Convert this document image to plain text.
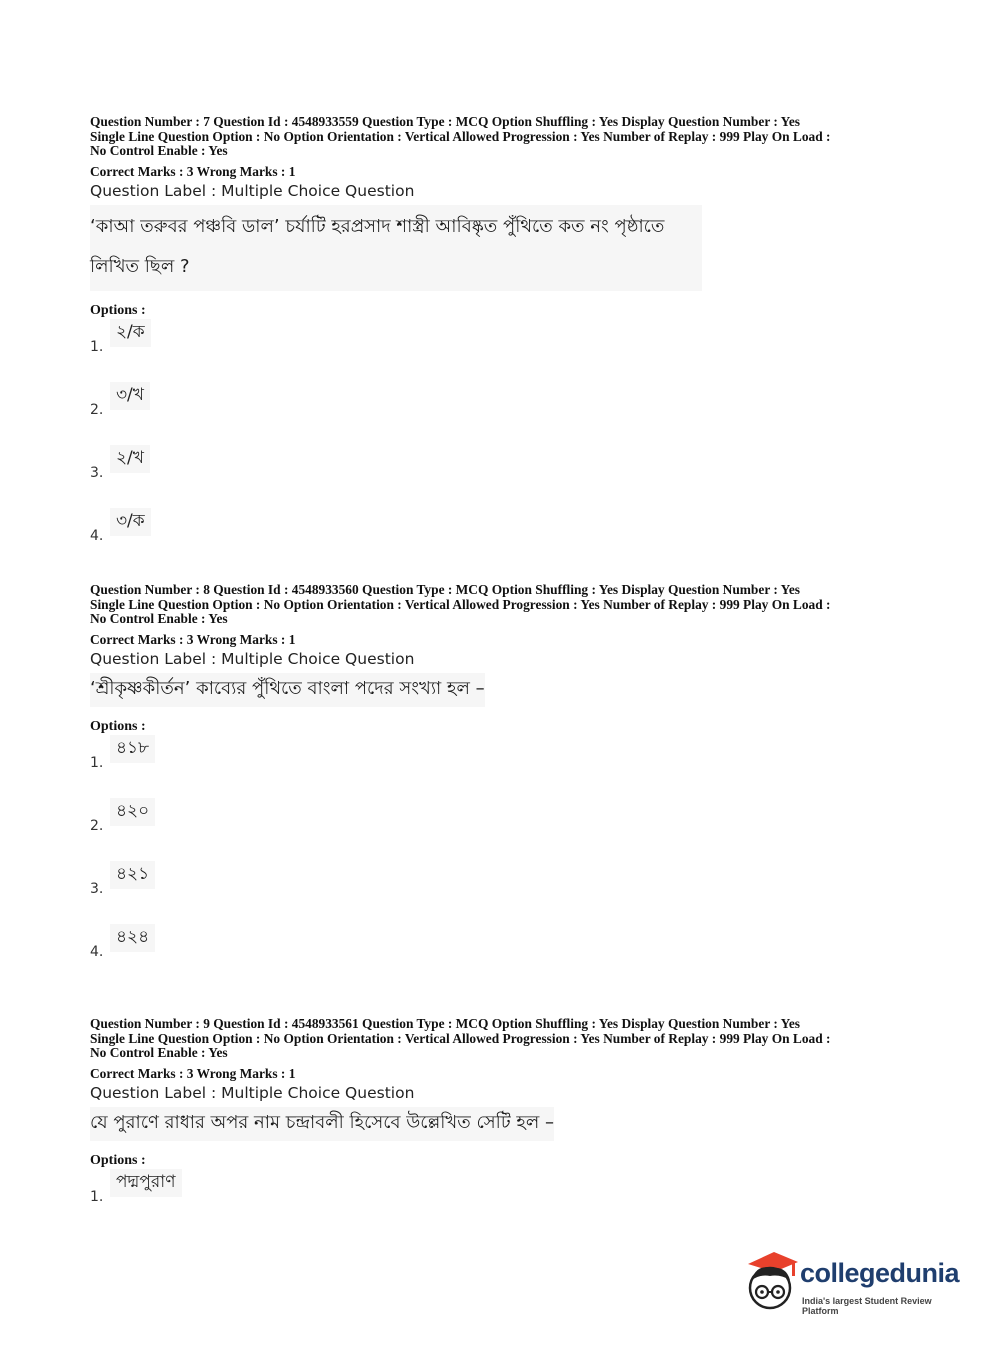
Question Number : 7 Question Id : 4548933559 Question Type : MCQ Option Shuffling : Yes Display Question Number : Yes
Single Line Question Option : No Option Orientation : Vertical Allowed Progression : Yes Number of Replay : 999 Play On Load :
No Control Enable : Yes
Correct Marks : 3 Wrong Marks : 1
Question Label : Multiple Choice Question
‘কাআ তরুবর পঞ্চবি ডাল’ চর্যাটি হরপ্রসাদ শাস্ত্রী আবিষ্কৃত পুঁথিতে কত নং পৃষ্ঠাতে লিখিত ছিল ?
Options :
1.
২/ক
2.
৩/খ
3.
২/খ
4.
৩/ক
Question Number : 8 Question Id : 4548933560 Question Type : MCQ Option Shuffling : Yes Display Question Number : Yes
Single Line Question Option : No Option Orientation : Vertical Allowed Progression : Yes Number of Replay : 999 Play On Load :
No Control Enable : Yes
Correct Marks : 3 Wrong Marks : 1
Question Label : Multiple Choice Question
‘শ্রীকৃষ্ণকীর্তন’ কাব্যের পুঁথিতে বাংলা পদের সংখ্যা হল –
Options :
1.
৪১৮
2.
৪২০
3.
৪২১
4.
৪২৪
Question Number : 9 Question Id : 4548933561 Question Type : MCQ Option Shuffling : Yes Display Question Number : Yes
Single Line Question Option : No Option Orientation : Vertical Allowed Progression : Yes Number of Replay : 999 Play On Load :
No Control Enable : Yes
Correct Marks : 3 Wrong Marks : 1
Question Label : Multiple Choice Question
যে পুরাণে রাধার অপর নাম চন্দ্রাবলী হিসেবে উল্লেখিত সেটি হল –
Options :
1.
পদ্মপুরাণ
collegedunia
India's largest Student Review Platform
